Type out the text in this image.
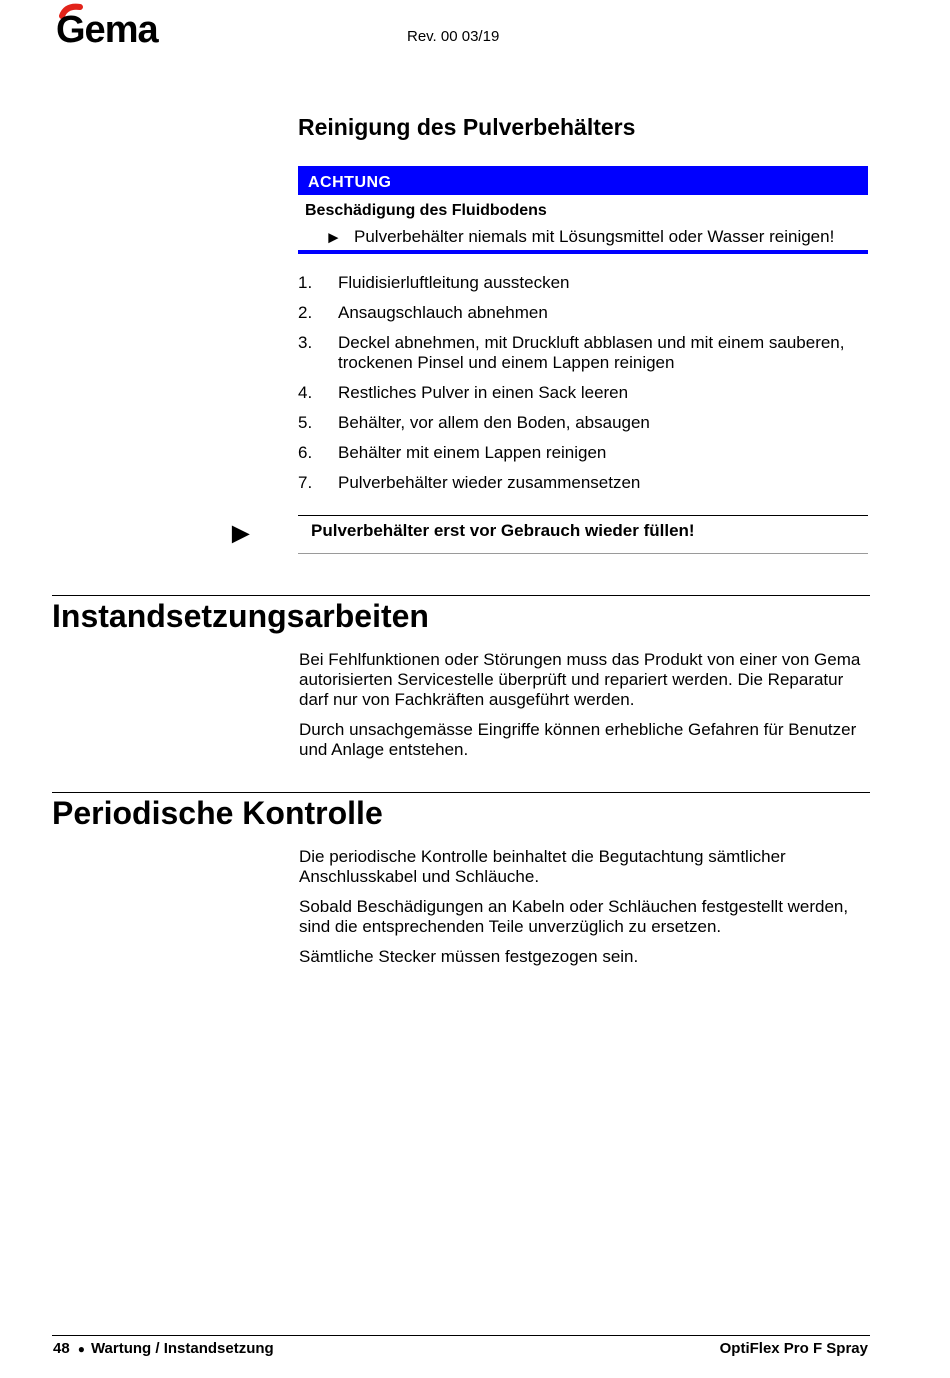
Gema	Rev. 00 03/19
Reinigung des Pulverbehälters
ACHTUNG
Beschädigung des Fluidbodens
► Pulverbehälter niemals mit Lösungsmittel oder Wasser reinigen!
1. Fluidisierluftleitung ausstecken
2. Ansaugschlauch abnehmen
3. Deckel abnehmen, mit Druckluft abblasen und mit einem sauberen, trockenen Pinsel und einem Lappen reinigen
4. Restliches Pulver in einen Sack leeren
5. Behälter, vor allem den Boden, absaugen
6. Behälter mit einem Lappen reinigen
7. Pulverbehälter wieder zusammensetzen
►	Pulverbehälter erst vor Gebrauch wieder füllen!
Instandsetzungsarbeiten

Bei Fehlfunktionen oder Störungen muss das Produkt von einer von Gema autorisierten Servicestelle überprüft und repariert werden. Die Reparatur darf nur von Fachkräften ausgeführt werden.

Durch unsachgemässe Eingriffe können erhebliche Gefahren für Benutzer und Anlage entstehen.

Periodische Kontrolle

Die periodische Kontrolle beinhaltet die Begutachtung sämtlicher Anschlusskabel und Schläuche.

Sobald Beschädigungen an Kabeln oder Schläuchen festgestellt werden, sind die entsprechenden Teile unverzüglich zu ersetzen.

Sämtliche Stecker müssen festgezogen sein.

48 ● Wartung / Instandsetzung	OptiFlex Pro F Spray
